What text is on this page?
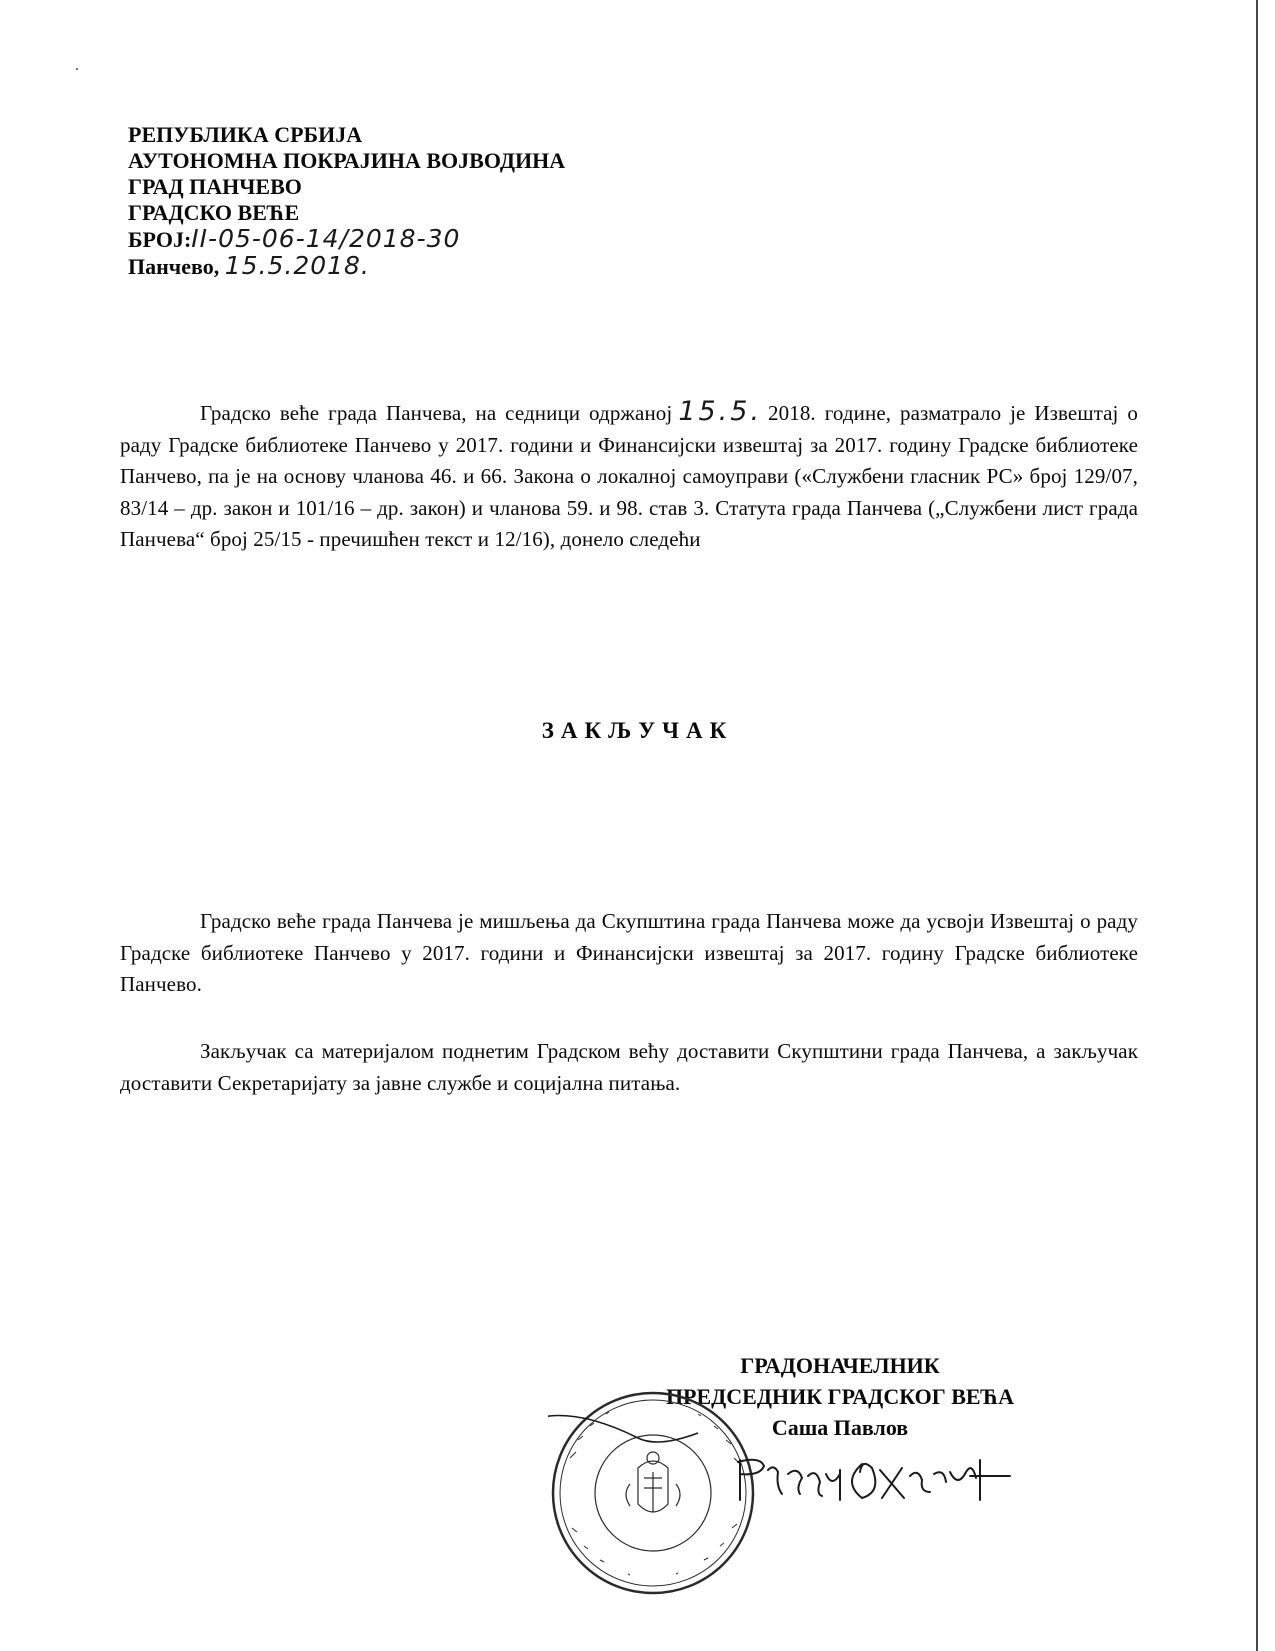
РЕПУБЛИКА СРБИЈА
АУТОНОМНА ПОКРАЈИНА ВОЈВОДИНА
ГРАД ПАНЧЕВО
ГРАДСКО ВЕЋЕ
БРОЈ:II-05-06-14/2018-30
Панчево, 15.5.2018.
Градско веће града Панчева, на седници одржаној 15.5. 2018. године, разматрало је Извештај о раду Градске библиотеке Панчево у 2017. години и Финансијски извештај за 2017. годину Градске библиотеке Панчево, па је на основу чланова 46. и 66. Закона о локалној самоуправи («Службени гласник РС» број 129/07, 83/14 – др. закон и 101/16 – др. закон) и чланова 59. и 98. став 3. Статута града Панчева („Службени лист града Панчева“ број 25/15 - пречишћен текст и 12/16), донело следећи
ЗАКЉУЧАК
Градско веће града Панчева је мишљења да Скупштина града Панчева може да усвоји Извештај о раду Градске библиотеке Панчево у 2017. години и Финансијски извештај за 2017. годину Градске библиотеке Панчево.
Закључак са материјалом поднетим Градском већу доставити Скупштини града Панчева, а закључак доставити Секретаријату за јавне службе и социјална питања.
ГРАДОНАЧЕЛНИК
ПРЕДСЕДНИК ГРАДСКОГ ВЕЋА
Саша Павлов
